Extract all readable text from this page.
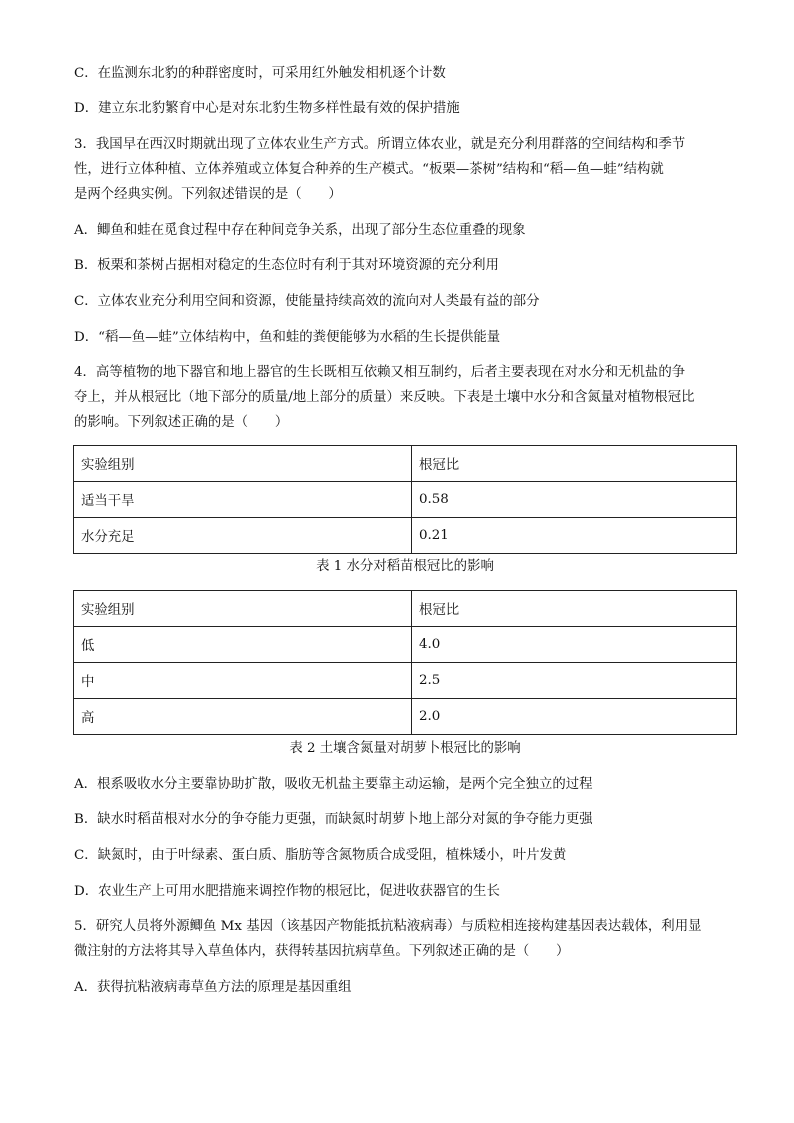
C．在监测东北豹的种群密度时，可采用红外触发相机逐个计数
D．建立东北豹繁育中心是对东北豹生物多样性最有效的保护措施
3．我国早在西汉时期就出现了立体农业生产方式。所谓立体农业，就是充分利用群落的空间结构和季节
性，进行立体种植、立体养殖或立体复合种养的生产模式。“板栗—茶树”结构和“稻—鱼—蛙”结构就
是两个经典实例。下列叙述错误的是（　　）
A．鲫鱼和蛙在觅食过程中存在种间竞争关系，出现了部分生态位重叠的现象
B．板栗和茶树占据相对稳定的生态位时有利于其对环境资源的充分利用
C．立体农业充分利用空间和资源，使能量持续高效的流向对人类最有益的部分
D．“稻—鱼—蛙”立体结构中，鱼和蛙的粪便能够为水稻的生长提供能量
4．高等植物的地下器官和地上器官的生长既相互依赖又相互制约，后者主要表现在对水分和无机盐的争
夺上，并从根冠比（地下部分的质量/地上部分的质量）来反映。下表是土壤中水分和含氮量对植物根冠比
的影响。下列叙述正确的是（　　）
实验组别	根冠比
适当干旱	0.58
水分充足	0.21
表 1 水分对稻苗根冠比的影响
实验组别	根冠比
低	4.0
中	2.5
高	2.0
表 2 土壤含氮量对胡萝卜根冠比的影响
A．根系吸收水分主要靠协助扩散，吸收无机盐主要靠主动运输，是两个完全独立的过程
B．缺水时稻苗根对水分的争夺能力更强，而缺氮时胡萝卜地上部分对氮的争夺能力更强
C．缺氮时，由于叶绿素、蛋白质、脂肪等含氮物质合成受阻，植株矮小，叶片发黄
D．农业生产上可用水肥措施来调控作物的根冠比，促进收获器官的生长
5．研究人员将外源鲫鱼 Mx 基因（该基因产物能抵抗粘液病毒）与质粒相连接构建基因表达载体，利用显
微注射的方法将其导入草鱼体内，获得转基因抗病草鱼。下列叙述正确的是（　　）
A．获得抗粘液病毒草鱼方法的原理是基因重组
